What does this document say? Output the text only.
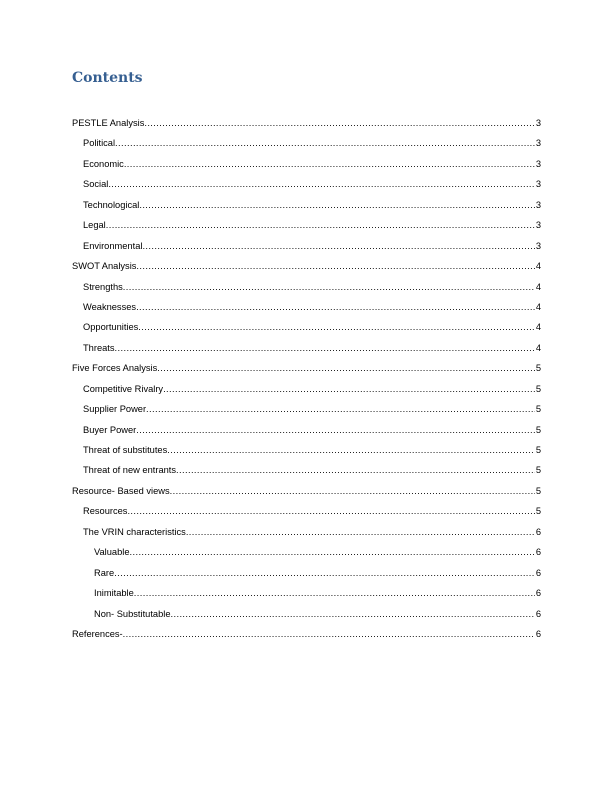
Contents
PESTLE Analysis .....	3
Political .....	3
Economic .....	3
Social .....	3
Technological .....	3
Legal .....	3
Environmental .....	3
SWOT Analysis .....	4
Strengths .....	4
Weaknesses .....	4
Opportunities .....	4
Threats .....	4
Five Forces Analysis .....	5
Competitive Rivalry .....	5
Supplier Power .....	5
Buyer Power .....	5
Threat of substitutes .....	5
Threat of new entrants .....	5
Resource- Based views .....	5
Resources .....	5
The VRIN characteristics .....	6
Valuable .....	6
Rare .....	6
Inimitable .....	6
Non- Substitutable .....	6
References- .....	6
